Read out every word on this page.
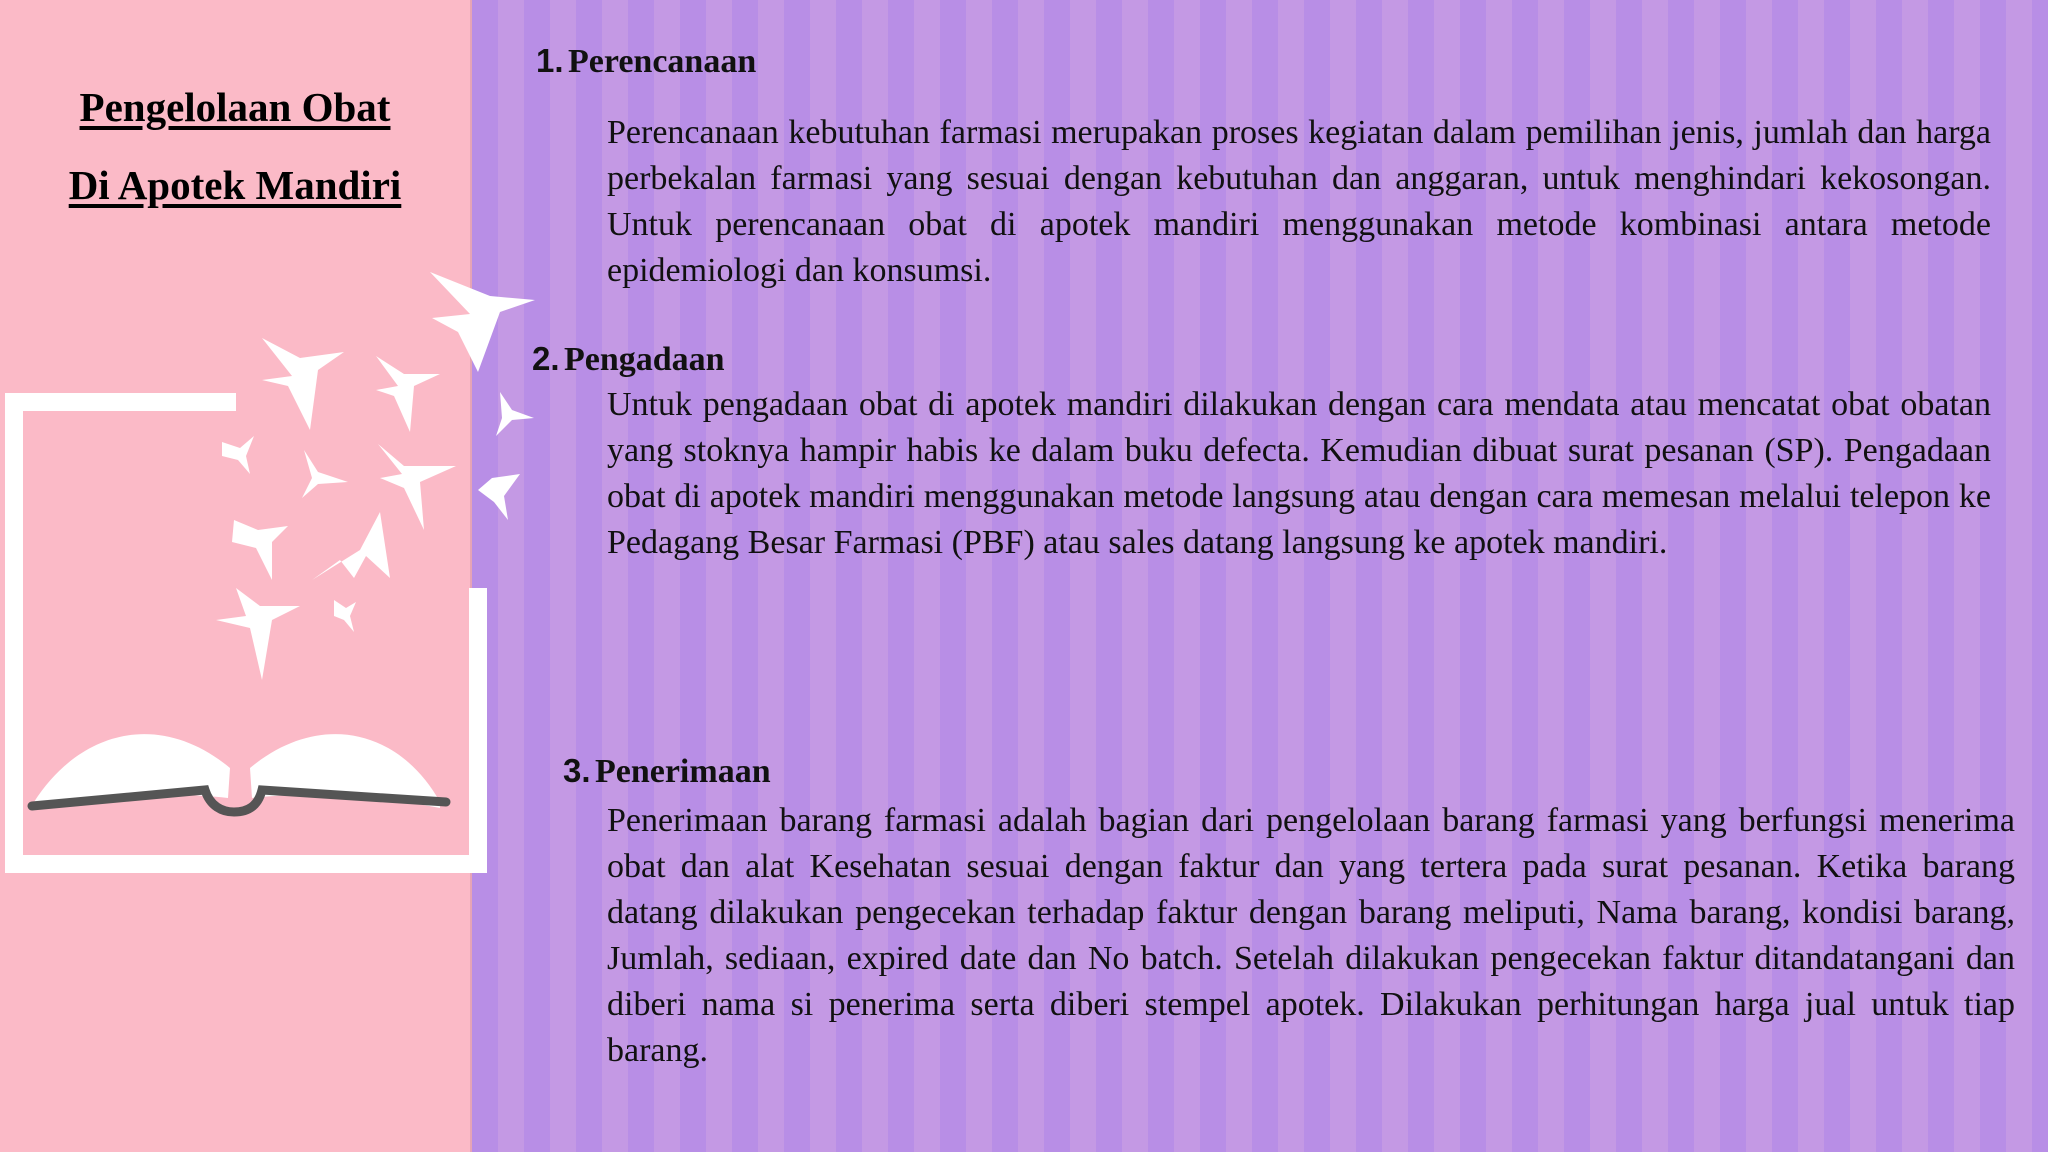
Pengelolaan Obat
Di Apotek Mandiri
1. Perencanaan
Perencanaan kebutuhan farmasi merupakan proses kegiatan dalam pemilihan jenis, jumlah dan harga perbekalan farmasi yang sesuai dengan kebutuhan dan anggaran, untuk menghindari kekosongan. Untuk perencanaan obat di apotek mandiri menggunakan metode kombinasi antara metode epidemiologi dan konsumsi.
2. Pengadaan
Untuk pengadaan obat di apotek mandiri dilakukan dengan cara mendata atau mencatat obat obatan yang stoknya hampir habis ke dalam buku defecta. Kemudian dibuat surat pesanan (SP). Pengadaan obat di apotek mandiri menggunakan metode langsung atau dengan cara memesan melalui telepon ke Pedagang Besar Farmasi (PBF) atau sales datang langsung ke apotek mandiri.
3. Penerimaan
Penerimaan barang farmasi adalah bagian dari pengelolaan barang farmasi yang berfungsi menerima obat dan alat Kesehatan sesuai dengan faktur dan yang tertera pada surat pesanan. Ketika barang datang dilakukan pengecekan terhadap faktur dengan barang meliputi, Nama barang, kondisi barang, Jumlah, sediaan, expired date dan No batch. Setelah dilakukan pengecekan faktur ditandatangani dan diberi nama si penerima serta diberi stempel apotek. Dilakukan perhitungan harga jual untuk tiap barang.
